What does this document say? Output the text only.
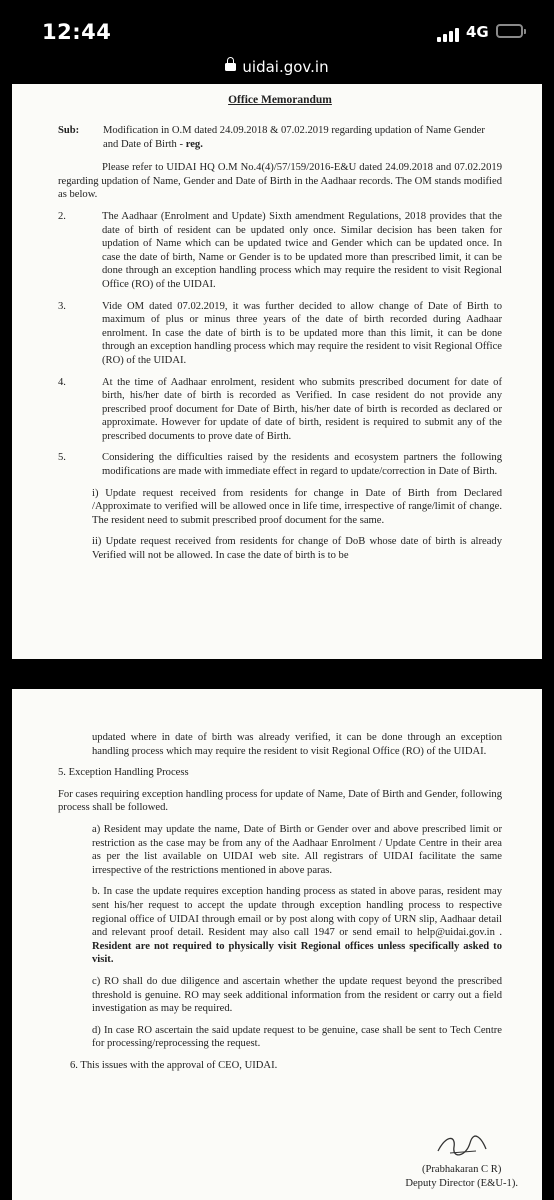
12:44	4G
uidai.gov.in
Office Memorandum
Sub:	Modification in O.M dated 24.09.2018 & 07.02.2019 regarding updation of Name Gender and Date of Birth - reg.

Please refer to UIDAI HQ O.M No.4(4)/57/159/2016-E&U dated 24.09.2018 and 07.02.2019 regarding updation of Name, Gender and Date of Birth in the Aadhaar records. The OM stands modified as below.

2.	The Aadhaar (Enrolment and Update) Sixth amendment Regulations, 2018 provides that the date of birth of resident can be updated only once. Similar decision has been taken for updation of Name which can be updated twice and Gender which can be updated once. In case the date of birth, Name or Gender is to be updated more than prescribed limit, it can be done through an exception handling process which may require the resident to visit Regional Office (RO) of the UIDAI.
3.	Vide OM dated 07.02.2019, it was further decided to allow change of Date of Birth to maximum of plus or minus three years of the date of birth recorded during Aadhaar enrolment. In case the date of birth is to be updated more than this limit, it can be done through an exception handling process which may require the resident to visit Regional Office (RO) of the UIDAI.
4.	At the time of Aadhaar enrolment, resident who submits prescribed document for date of birth, his/her date of birth is recorded as Verified. In case resident do not provide any prescribed proof document for Date of Birth, his/her date of birth is recorded as declared or approximate. However for update of date of birth, resident is required to submit any of the prescribed documents to prove date of Birth.
5.	Considering the difficulties raised by the residents and ecosystem partners the following modifications are made with immediate effect in regard to update/correction in Date of Birth.

i) Update request received from residents for change in Date of Birth from Declared /Approximate to verified will be allowed once in life time, irrespective of range/limit of change. The resident need to submit prescribed proof document for the same.

ii) Update request received from residents for change of DoB whose date of birth is already Verified will not be allowed. In case the date of birth is to be

updated where in date of birth was already verified, it can be done through an exception handling process which may require the resident to visit Regional Office (RO) of the UIDAI.

5. Exception Handling Process

For cases requiring exception handling process for update of Name, Date of Birth and Gender, following process shall be followed.

a) Resident may update the name, Date of Birth or Gender over and above prescribed limit or restriction as the case may be from any of the Aadhaar Enrolment / Update Centre in their area as per the list available on UIDAI web site. All registrars of UIDAI facilitate the same irrespective of the restrictions mentioned in above paras.

b. In case the update requires exception handing process as stated in above paras, resident may sent his/her request to accept the update through exception handling process to respective regional office of UIDAI through email or by post along with copy of URN slip, Aadhaar detail and relevant proof detail. Resident may also call 1947 or send email to help@uidai.gov.in . Resident are not required to physically visit Regional offices unless specifically asked to visit.

c) RO shall do due diligence and ascertain whether the update request beyond the prescribed threshold is genuine. RO may seek additional information from the resident or carry out a field investigation as may be required.

d) In case RO ascertain the said update request to be genuine, case shall be sent to Tech Centre for processing/reprocessing the request.

6. This issues with the approval of CEO, UIDAI.

(Prabhakaran C R)
Deputy Director (E&U-1).
